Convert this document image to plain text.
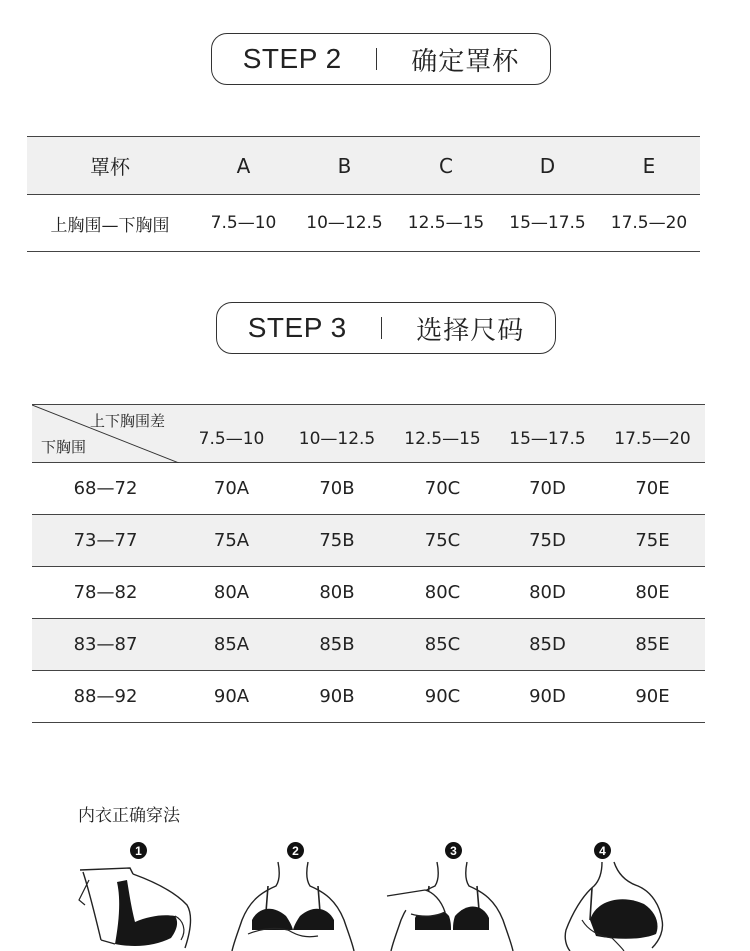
STEP 2	确定罩杯
罩杯	A	B	C	D	E
上胸围—下胸围	7.5—10	10—12.5	12.5—15	15—17.5	17.5—20
STEP 3	选择尺码
上下胸围差
下胸围	7.5—10	10—12.5	12.5—15	15—17.5	17.5—20
68—72	70A	70B	70C	70D	70E
73—77	75A	75B	75C	75D	75E
78—82	80A	80B	80C	80D	80E
83—87	85A	85B	85C	85D	85E
88—92	90A	90B	90C	90D	90E
内衣正确穿法
1	2	3	4
